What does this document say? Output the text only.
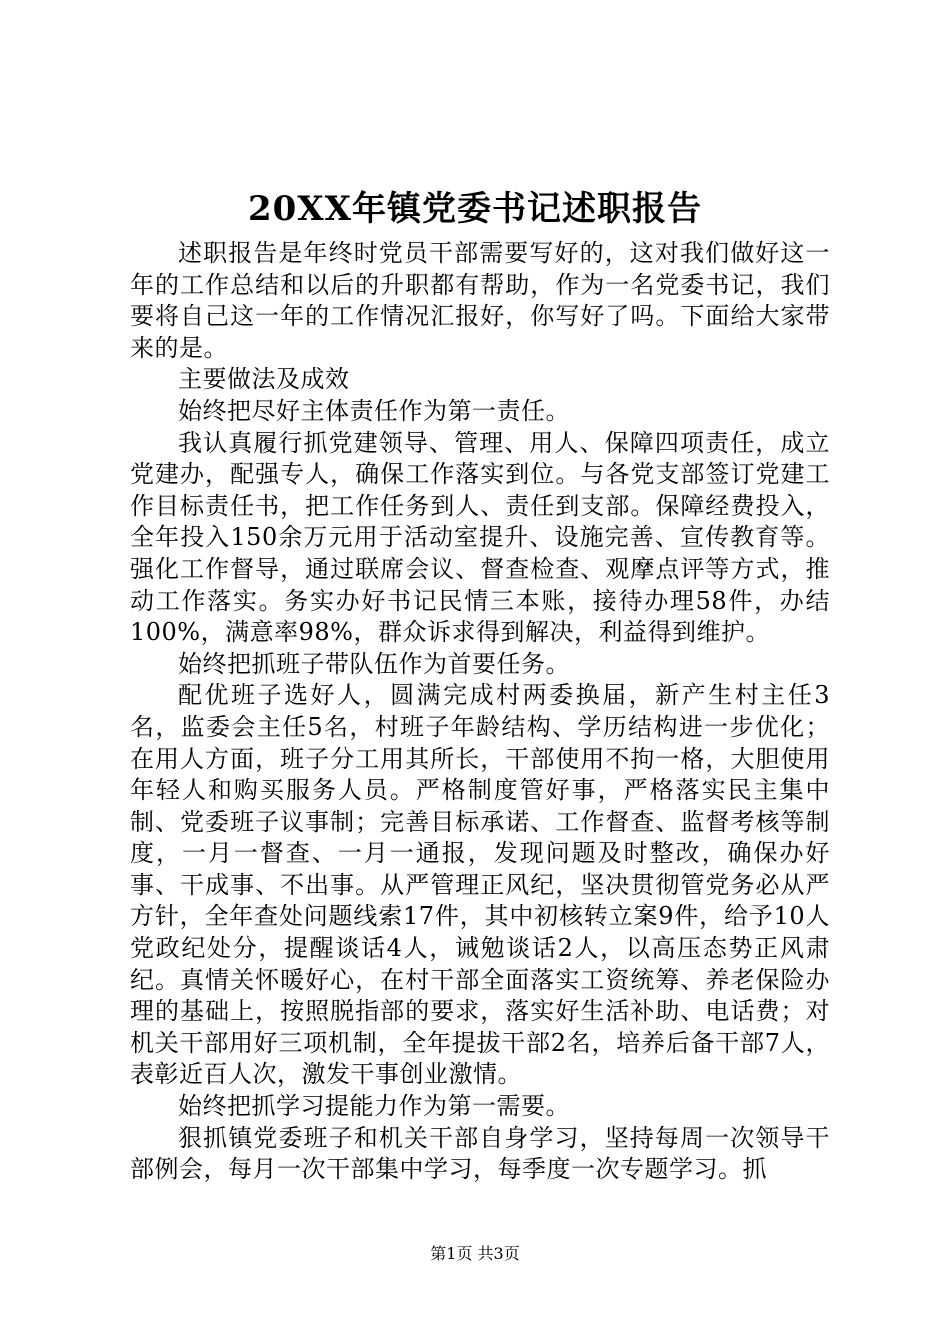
20XX年镇党委书记述职报告

述职报告是年终时党员干部需要写好的，这对我们做好这一年的工作总结和以后的升职都有帮助，作为一名党委书记，我们要将自己这一年的工作情况汇报好，你写好了吗。下面给大家带来的是。

主要做法及成效

始终把尽好主体责任作为第一责任。

我认真履行抓党建领导、管理、用人、保障四项责任，成立党建办，配强专人，确保工作落实到位。与各党支部签订党建工作目标责任书，把工作任务到人、责任到支部。保障经费投入，全年投入150余万元用于活动室提升、设施完善、宣传教育等。强化工作督导，通过联席会议、督查检查、观摩点评等方式，推动工作落实。务实办好书记民情三本账，接待办理58件，办结100%，满意率98%，群众诉求得到解决，利益得到维护。

始终把抓班子带队伍作为首要任务。

配优班子选好人，圆满完成村两委换届，新产生村主任3名，监委会主任5名，村班子年龄结构、学历结构进一步优化；在用人方面，班子分工用其所长，干部使用不拘一格，大胆使用年轻人和购买服务人员。严格制度管好事，严格落实民主集中制、党委班子议事制；完善目标承诺、工作督查、监督考核等制度，一月一督查、一月一通报，发现问题及时整改，确保办好事、干成事、不出事。从严管理正风纪，坚决贯彻管党务必从严方针，全年查处问题线索17件，其中初核转立案9件，给予10人党政纪处分，提醒谈话4人，诫勉谈话2人，以高压态势正风肃纪。真情关怀暖好心，在村干部全面落实工资统筹、养老保险办理的基础上，按照脱指部的要求，落实好生活补助、电话费；对机关干部用好三项机制，全年提拔干部2名，培养后备干部7人，表彰近百人次，激发干事创业激情。

始终把抓学习提能力作为第一需要。

狠抓镇党委班子和机关干部自身学习，坚持每周一次领导干部例会，每月一次干部集中学习，每季度一次专题学习。抓

第1页 共3页
